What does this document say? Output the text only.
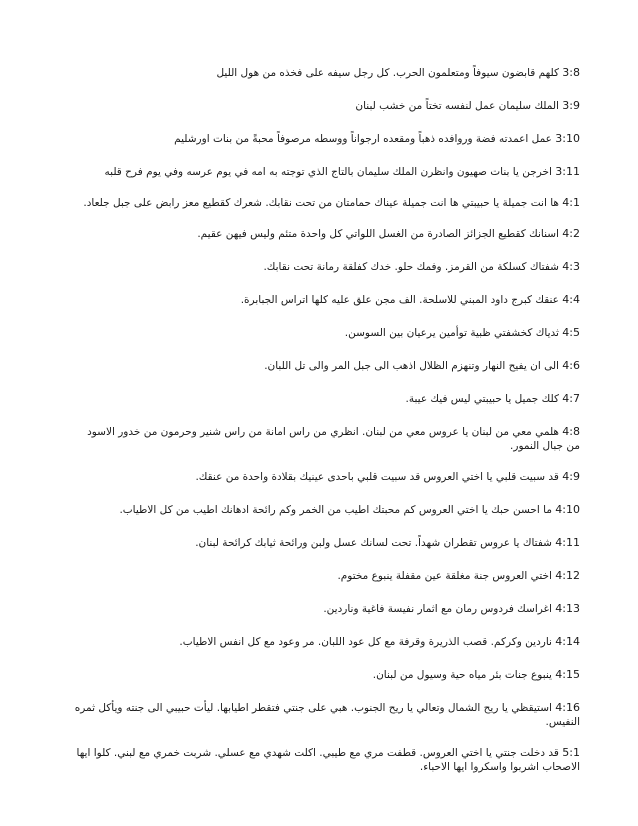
3:8 كلهم قابضون سيوفاً ومتعلمون الحرب. كل رجل سيفه على فخذه من هول الليل
3:9 الملك سليمان عمل لنفسه تختاً من خشب لبنان
3:10 عمل اعمدته فضة وروافده ذهباً ومقعده ارجواناً ووسطه مرصوفاً محبةً من بنات اورشليم
3:11 اخرجن يا بنات صهيون وانظرن الملك سليمان بالتاج الذي توجته به امه في يوم عرسه وفي يوم فرح قلبه
4:1 ها انت جميلة يا حبيبتي ها انت جميلة عيناك حمامتان من تحت نقابك. شعرك كقطيع معز رابض على جبل جلعاد.
4:2 اسنانك كقطيع الجزائز الصادرة من الغسل اللواتي كل واحدة متئم وليس فيهن عقيم.
4:3 شفتاك كسلكة من القرمز. وفمك حلو. خدك كفلقة رمانة تحت نقابك.
4:4 عنقك كبرج داود المبني للاسلحة. الف مجن علق عليه كلها اتراس الجبابرة.
4:5 ثدياك كخشفتي ظبية توأمين يرعيان بين السوسن.
4:6 الى ان يفيح النهار وتنهزم الظلال اذهب الى جبل المر والى تل اللبان.
4:7 كلك جميل يا حبيبتي ليس فيك عيبة.
4:8 هلمي معي من لبنان يا عروس معي من لبنان. انظري من راس امانة من راس شنير وحرمون من خدور الاسود من جبال النمور.
4:9 قد سبيت قلبي يا اختي العروس قد سبيت قلبي باحدى عينيك بقلادة واحدة من عنقك.
4:10 ما احسن حبك يا اختي العروس كم محبتك اطيب من الخمر وكم رائحة ادهانك اطيب من كل الاطياب.
4:11 شفتاك يا عروس تقطران شهداً. تحت لسانك عسل ولبن ورائحة ثيابك كرائحة لبنان.
4:12 اختي العروس جنة مغلقة عين مقفلة ينبوع مختوم.
4:13 اغراسك فردوس رمان مع اثمار نفيسة فاغية وناردين.
4:14 ناردين وكركم. قصب الذريرة وقرفة مع كل عود اللبان. مر وعود مع كل انفس الاطياب.
4:15 ينبوع جنات بئر مياه حية وسيول من لبنان.
4:16 استيقظي يا ريح الشمال وتعالي يا ريح الجنوب. هبي على جنتي فتقطر اطيابها. ليأت حبيبي الى جنته ويأكل ثمره النفيس.
5:1 قد دخلت جنتي يا اختي العروس. قطفت مري مع طيبي. اكلت شهدي مع عسلي. شربت خمري مع لبني. كلوا ايها الاصحاب اشربوا واسكروا ايها الاحباء.
